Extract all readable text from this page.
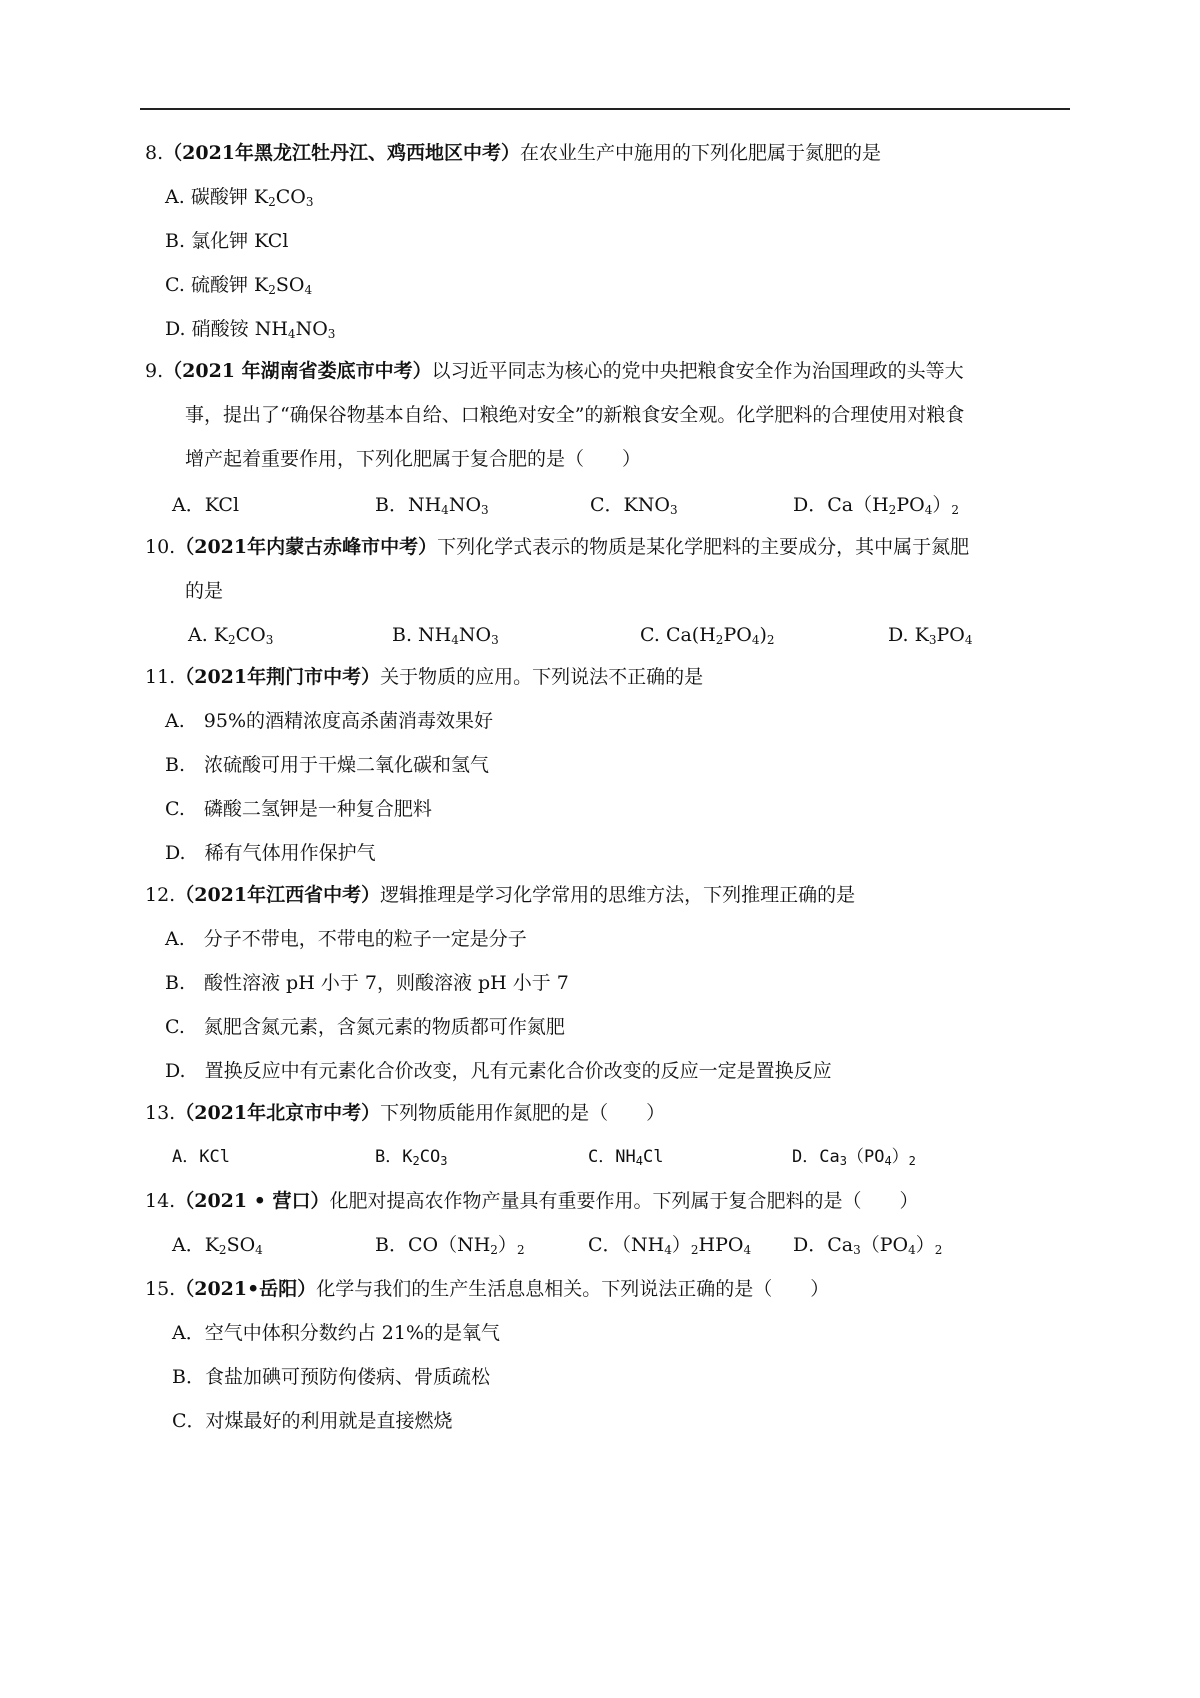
8.（2021年黑龙江牡丹江、鸡西地区中考）在农业生产中施用的下列化肥属于氮肥的是
A. 碳酸钾 $K_2CO_3$
B. 氯化钾 KCl
C. 硫酸钾 $K_2SO_4$
D. 硝酸铵 $NH_4NO_3$
9.（2021 年湖南省娄底市中考）以习近平同志为核心的党中央把粮食安全作为治国理政的头等大
事，提出了“确保谷物基本自给、口粮绝对安全”的新粮食安全观。化学肥料的合理使用对粮食
增产起着重要作用，下列化肥属于复合肥的是（　　）
A．KCl	B．$NH_4NO_3$	C．$KNO_3$	D．$Ca(H_2PO_4)_2$
10.（2021年内蒙古赤峰市中考）下列化学式表示的物质是某化学肥料的主要成分，其中属于氮肥
的是
A. $K_2CO_3$	B. $NH_4NO_3$	C. $Ca(H_2PO_4)_2$	D. $K_3PO_4$
11.（2021年荆门市中考）关于物质的应用。下列说法不正确的是
A.　95%的酒精浓度高杀菌消毒效果好
B.　浓硫酸可用于干燥二氧化碳和氢气
C.　磷酸二氢钾是一种复合肥料
D.　稀有气体用作保护气
12.（2021年江西省中考）逻辑推理是学习化学常用的思维方法，下列推理正确的是
A.　分子不带电，不带电的粒子一定是分子
B.　酸性溶液 pH 小于 7，则酸溶液 pH 小于 7
C.　氮肥含氮元素，含氮元素的物质都可作氮肥
D.　置换反应中有元素化合价改变，凡有元素化合价改变的反应一定是置换反应
13.（2021年北京市中考）下列物质能用作氮肥的是（　　）
A．KCl	B．$K_2CO_3$	C．$NH_4Cl$	D．$Ca_3(PO_4)_2$
14.（2021 • 营口）化肥对提高农作物产量具有重要作用。下列属于复合肥料的是（　　）
A．$K_2SO_4$	B．$CO(NH_2)_2$	C．$(NH_4)_2HPO_4$ D．$Ca_3(PO_4)_2$
15.（2021•岳阳）化学与我们的生产生活息息相关。下列说法正确的是（　　）
A．空气中体积分数约占 21%的是氧气
B．食盐加碘可预防佝偻病、骨质疏松
C．对煤最好的利用就是直接燃烧
